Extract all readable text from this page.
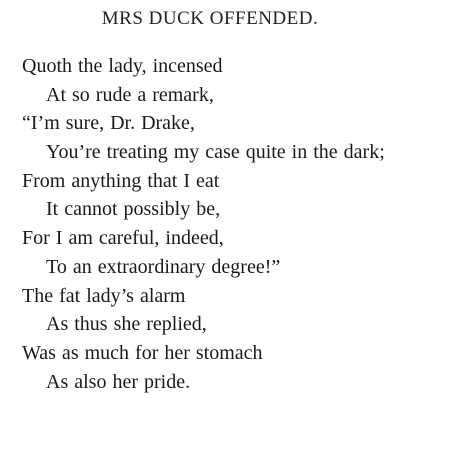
MRS DUCK OFFENDED.
Quoth the lady, incensed
At so rude a remark,
“I’m sure, Dr. Drake,
You’re treating my case quite in the dark;
From anything that I eat
It cannot possibly be,
For I am careful, indeed,
To an extraordinary degree!”
The fat lady’s alarm
As thus she replied,
Was as much for her stomach
As also her pride.
